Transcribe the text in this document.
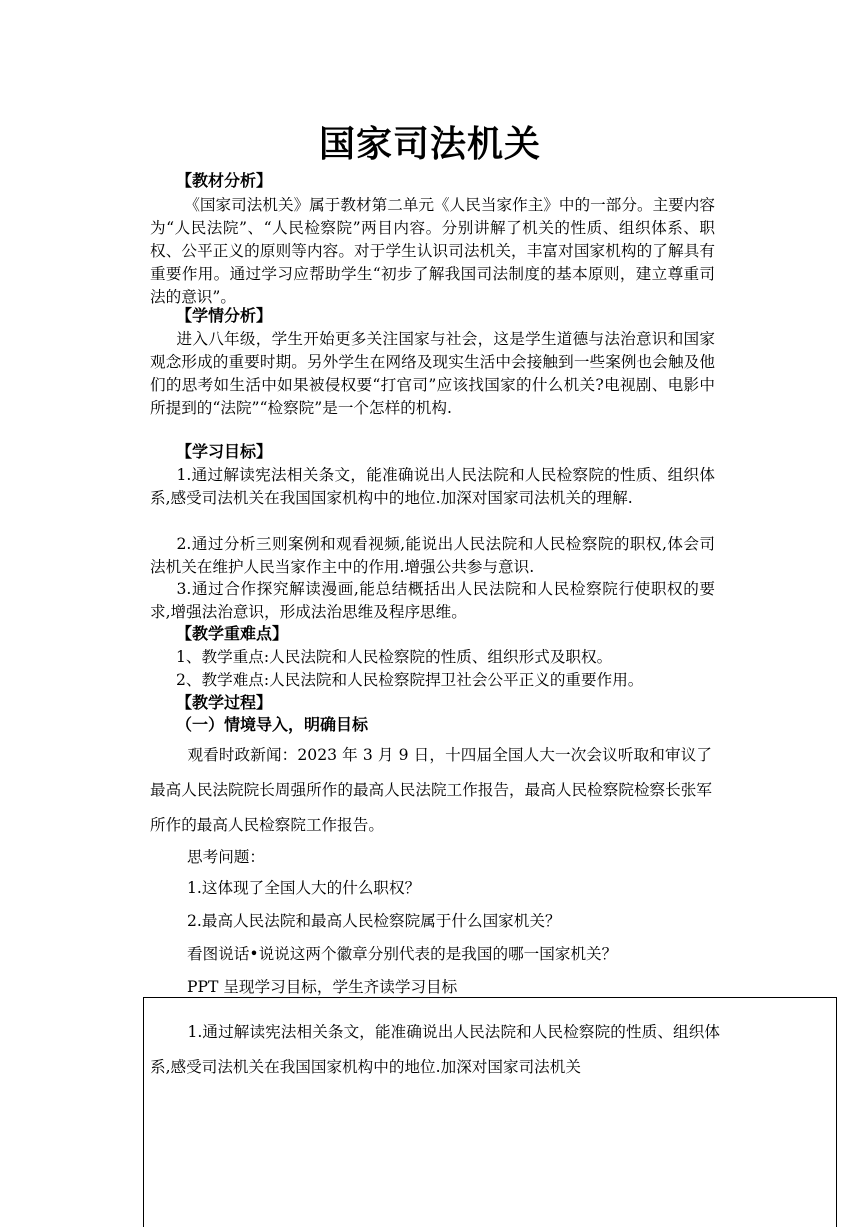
国家司法机关
【教材分析】

《国家司法机关》属于教材第二单元《人民当家作主》中的一部分。主要内容为“人民法院”、“人民检察院”两目内容。分别讲解了机关的性质、组织体系、职权、公平正义的原则等内容。对于学生认识司法机关，丰富对国家机构的了解具有重要作用。通过学习应帮助学生“初步了解我国司法制度的基本原则，建立尊重司法的意识”。

【学情分析】

进入八年级，学生开始更多关注国家与社会，这是学生道德与法治意识和国家观念形成的重要时期。另外学生在网络及现实生活中会接触到一些案例也会触及他们的思考如生活中如果被侵权要“打官司”应该找国家的什么机关?电视剧、电影中所提到的“法院”“检察院”是一个怎样的机构.

【学习目标】

1.通过解读宪法相关条文，能准确说出人民法院和人民检察院的性质、组织体系,感受司法机关在我国国家机构中的地位.加深对国家司法机关的理解.

2.通过分析三则案例和观看视频,能说出人民法院和人民检察院的职权,体会司法机关在维护人民当家作主中的作用.增强公共参与意识.

3.通过合作探究解读漫画,能总结概括出人民法院和人民检察院行使职权的要求,增强法治意识，形成法治思维及程序思维。

【教学重难点】
1、教学重点:人民法院和人民检察院的性质、组织形式及职权。
2、教学难点:人民法院和人民检察院捍卫社会公平正义的重要作用。
【教学过程】
（一）情境导入，明确目标

观看时政新闻：2023 年 3 月 9 日，十四届全国人大一次会议听取和审议了最高人民法院院长周强所作的最高人民法院工作报告，最高人民检察院检察长张军所作的最高人民检察院工作报告。

思考问题：
1.这体现了全国人大的什么职权？
2.最高人民法院和最高人民检察院属于什么国家机关？
看图说话•说说这两个徽章分别代表的是我国的哪一国家机关？
PPT 呈现学习目标，学生齐读学习目标

1.通过解读宪法相关条文，能准确说出人民法院和人民检察院的性质、组织体系,感受司法机关在我国国家机构中的地位.加深对国家司法机关
